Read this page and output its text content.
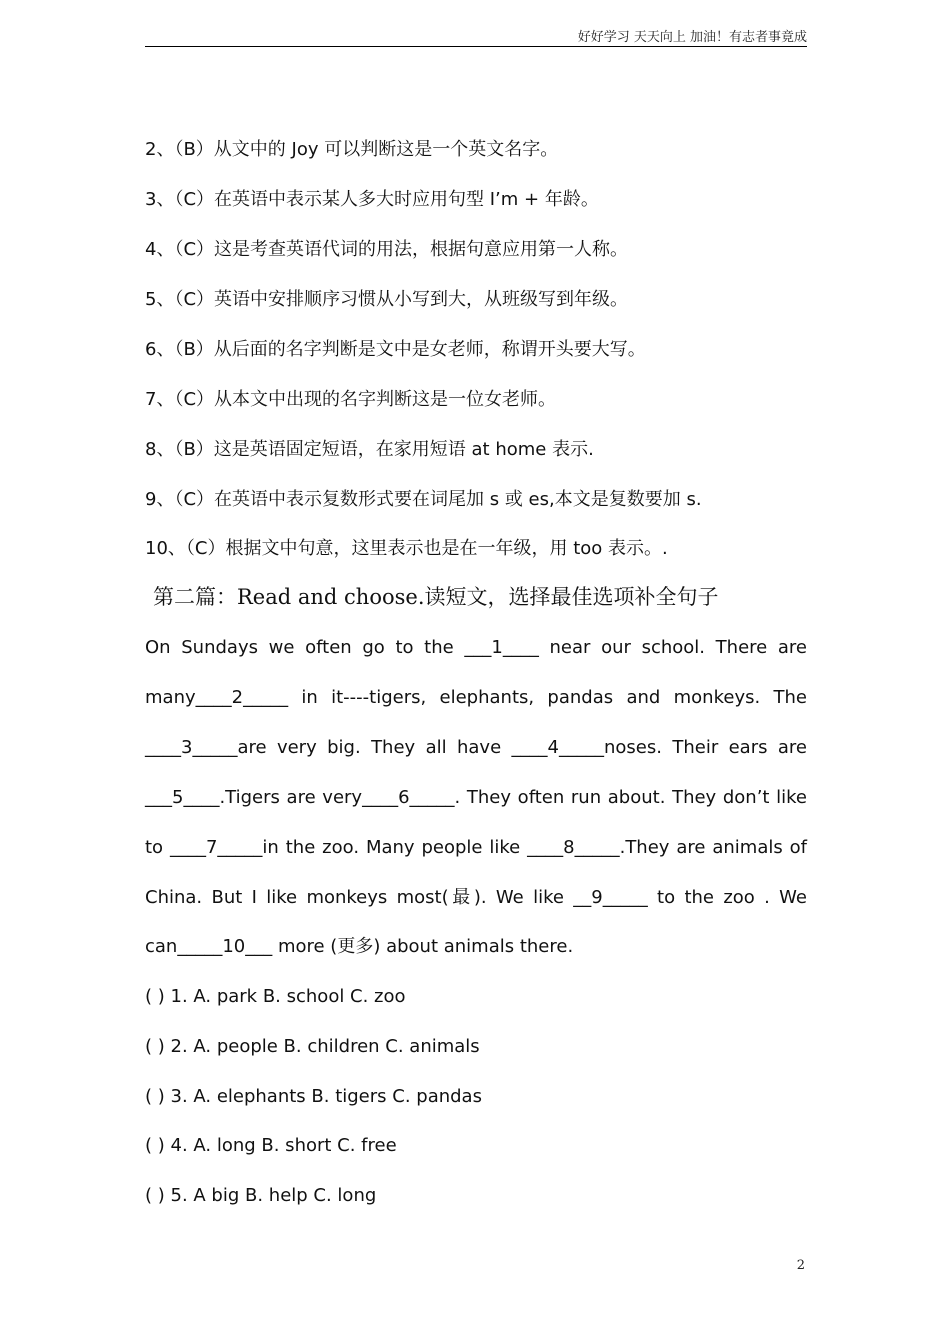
好好学习 天天向上 加油！有志者事竟成
2、（B）从文中的 Joy 可以判断这是一个英文名字。
3、（C）在英语中表示某人多大时应用句型 I’m + 年龄。
4、（C）这是考查英语代词的用法，根据句意应用第一人称。
5、（C）英语中安排顺序习惯从小写到大，从班级写到年级。
6、（B）从后面的名字判断是文中是女老师，称谓开头要大写。
7、（C）从本文中出现的名字判断这是一位女老师。
8、（B）这是英语固定短语，在家用短语 at home 表示.
9、（C）在英语中表示复数形式要在词尾加 s 或 es,本文是复数要加 s.
10、（C）根据文中句意，这里表示也是在一年级，用 too 表示。.
第二篇：Read and choose.读短文，选择最佳选项补全句子
On Sundays we often go to the ___1____ near our school. There are
many____2_____ in it----tigers, elephants, pandas and monkeys. The
____3_____are very big. They all have ____4_____noses. Their ears are
___5____.Tigers are very____6_____. They often run about. They don’t like
to ____7_____in the zoo. Many people like ____8_____.They are animals of
China. But I like monkeys most(最). We like __9_____ to the zoo . We
can_____10___ more (更多) about animals there.
( ) 1. A. park B. school C. zoo
( ) 2. A. people B. children C. animals
( ) 3. A. elephants B. tigers C. pandas
( ) 4. A. long B. short C. free
( ) 5. A big B. help C. long
2
